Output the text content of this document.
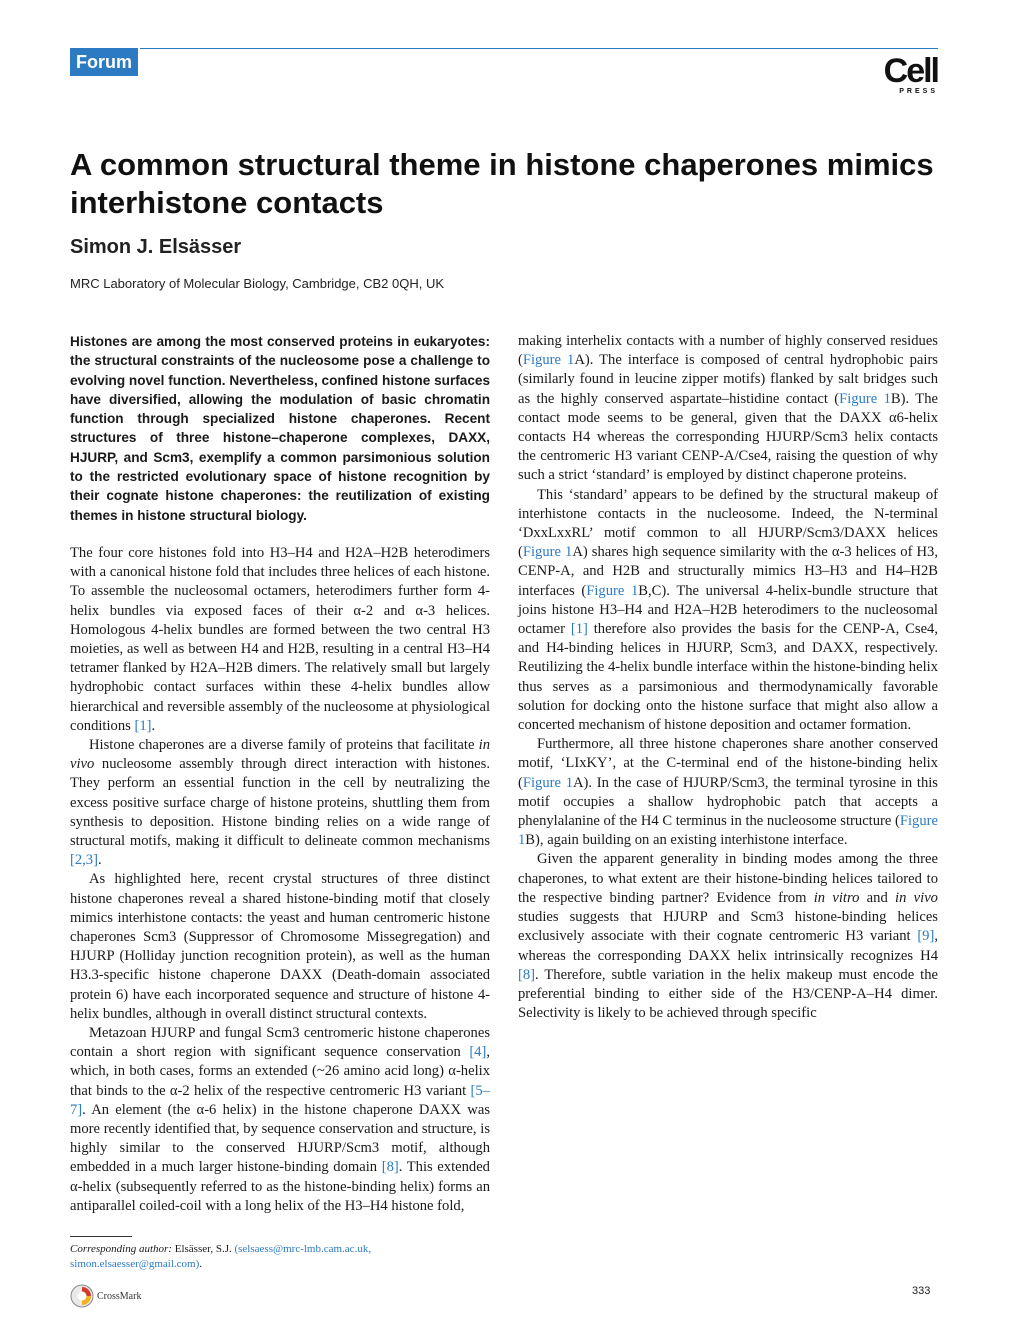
Forum	Cell
PRESS
A common structural theme in histone chaperones mimics interhistone contacts
Simon J. Elsässer
MRC Laboratory of Molecular Biology, Cambridge, CB2 0QH, UK

Histones are among the most conserved proteins in eukaryotes: the structural constraints of the nucleosome pose a challenge to evolving novel function. Nevertheless, confined histone surfaces have diversified, allowing the modulation of basic chromatin function through specialized histone chaperones. Recent structures of three histone–chaperone complexes, DAXX, HJURP, and Scm3, exemplify a common parsimonious solution to the restricted evolutionary space of histone recognition by their cognate histone chaperones: the reutilization of existing themes in histone structural biology.

The four core histones fold into H3–H4 and H2A–H2B heterodimers with a canonical histone fold that includes three helices of each histone. To assemble the nucleosomal octamers, heterodimers further form 4-helix bundles via exposed faces of their α-2 and α-3 helices. Homologous 4-helix bundles are formed between the two central H3 moieties, as well as between H4 and H2B, resulting in a central H3–H4 tetramer flanked by H2A–H2B dimers. The relatively small but largely hydrophobic contact surfaces within these 4-helix bundles allow hierarchical and reversible assembly of the nucleosome at physiological conditions [1].

Histone chaperones are a diverse family of proteins that facilitate in vivo nucleosome assembly through direct interaction with histones. They perform an essential function in the cell by neutralizing the excess positive surface charge of histone proteins, shuttling them from synthesis to deposition. Histone binding relies on a wide range of structural motifs, making it difficult to delineate common mechanisms [2,3].

As highlighted here, recent crystal structures of three distinct histone chaperones reveal a shared histone-binding motif that closely mimics interhistone contacts: the yeast and human centromeric histone chaperones Scm3 (Suppressor of Chromosome Missegregation) and HJURP (Holliday junction recognition protein), as well as the human H3.3-specific histone chaperone DAXX (Death-domain associated protein 6) have each incorporated sequence and structure of histone 4-helix bundles, although in overall distinct structural contexts.

Metazoan HJURP and fungal Scm3 centromeric histone chaperones contain a short region with significant sequence conservation [4], which, in both cases, forms an extended (~26 amino acid long) α-helix that binds to the α-2 helix of the respective centromeric H3 variant [5–7]. An element (the α-6 helix) in the histone chaperone DAXX was more recently identified that, by sequence conservation and structure, is highly similar to the conserved HJURP/Scm3 motif, although embedded in a much larger histone-binding domain [8]. This extended α-helix (subsequently referred to as the histone-binding helix) forms an antiparallel coiled-coil with a long helix of the H3–H4 histone fold,

making interhelix contacts with a number of highly conserved residues (Figure 1A). The interface is composed of central hydrophobic pairs (similarly found in leucine zipper motifs) flanked by salt bridges such as the highly conserved aspartate–histidine contact (Figure 1B). The contact mode seems to be general, given that the DAXX α6-helix contacts H4 whereas the corresponding HJURP/Scm3 helix contacts the centromeric H3 variant CENP-A/Cse4, raising the question of why such a strict ‘standard’ is employed by distinct chaperone proteins.

This ‘standard’ appears to be defined by the structural makeup of interhistone contacts in the nucleosome. Indeed, the N-terminal ‘DxxLxxRL’ motif common to all HJURP/Scm3/DAXX helices (Figure 1A) shares high sequence similarity with the α-3 helices of H3, CENP-A, and H2B and structurally mimics H3–H3 and H4–H2B interfaces (Figure 1B,C). The universal 4-helix-bundle structure that joins histone H3–H4 and H2A–H2B heterodimers to the nucleosomal octamer [1] therefore also provides the basis for the CENP-A, Cse4, and H4-binding helices in HJURP, Scm3, and DAXX, respectively. Reutilizing the 4-helix bundle interface within the histone-binding helix thus serves as a parsimonious and thermodynamically favorable solution for docking onto the histone surface that might also allow a concerted mechanism of histone deposition and octamer formation.

Furthermore, all three histone chaperones share another conserved motif, ‘LIxKY’, at the C-terminal end of the histone-binding helix (Figure 1A). In the case of HJURP/Scm3, the terminal tyrosine in this motif occupies a shallow hydrophobic patch that accepts a phenylalanine of the H4 C terminus in the nucleosome structure (Figure 1B), again building on an existing interhistone interface.

Given the apparent generality in binding modes among the three chaperones, to what extent are their histone-binding helices tailored to the respective binding partner? Evidence from in vitro and in vivo studies suggests that HJURP and Scm3 histone-binding helices exclusively associate with their cognate centromeric H3 variant [9], whereas the corresponding DAXX helix intrinsically recognizes H4 [8]. Therefore, subtle variation in the helix makeup must encode the preferential binding to either side of the H3/CENP-A–H4 dimer. Selectivity is likely to be achieved through specific

Corresponding author: Elsässer, S.J. (selsaess@mrc-lmb.cam.ac.uk, simon.elsaesser@gmail.com).
CrossMark	333
